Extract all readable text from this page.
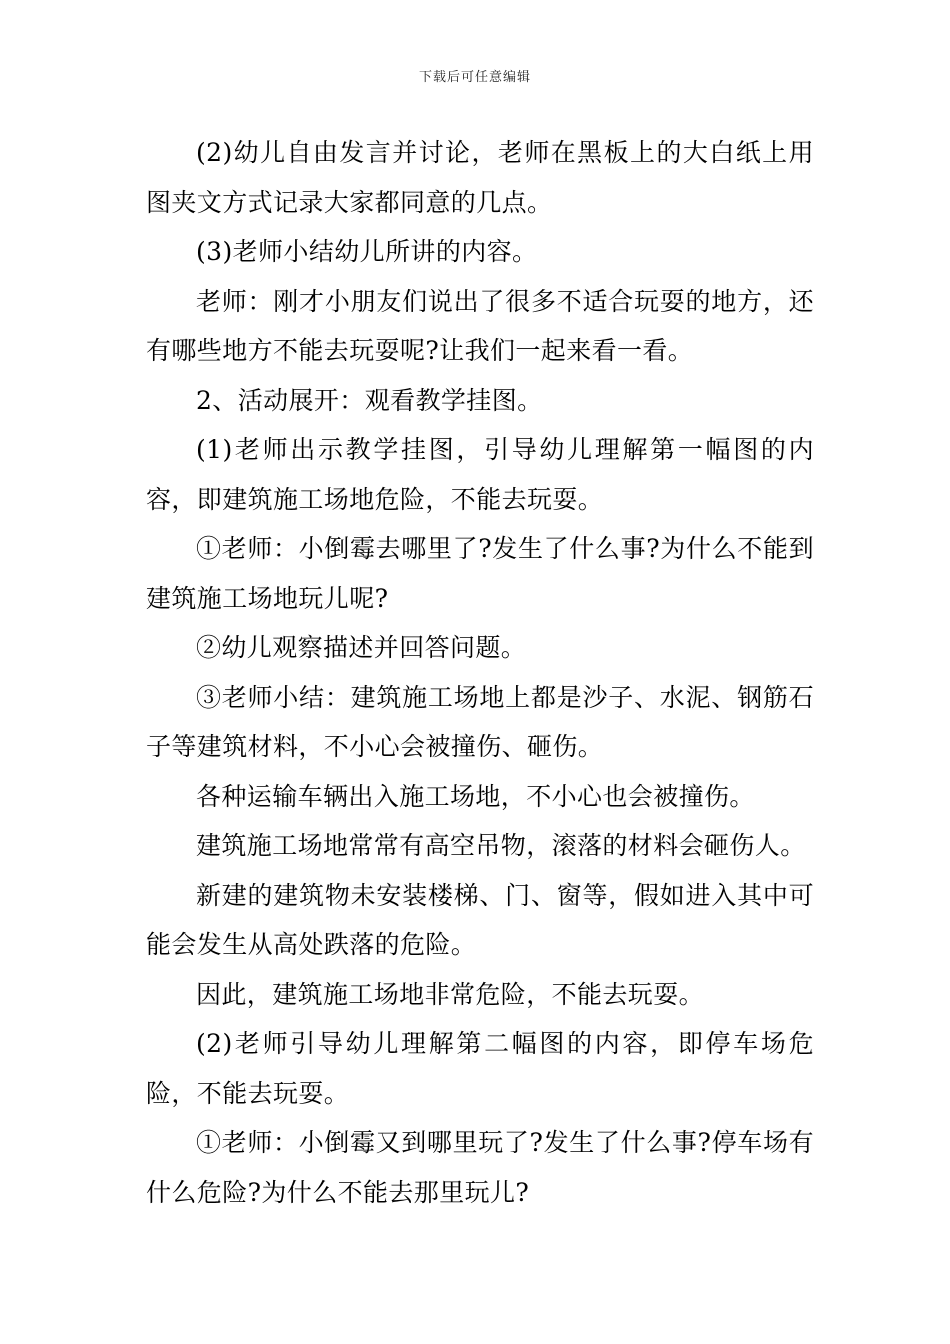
下载后可任意编辑

(2)幼儿自由发言并讨论，老师在黑板上的大白纸上用图夹文方式记录大家都同意的几点。

(3)老师小结幼儿所讲的内容。

老师：刚才小朋友们说出了很多不适合玩耍的地方，还有哪些地方不能去玩耍呢?让我们一起来看一看。

2、活动展开：观看教学挂图。

(1)老师出示教学挂图，引导幼儿理解第一幅图的内容，即建筑施工场地危险，不能去玩耍。

①老师：小倒霉去哪里了?发生了什么事?为什么不能到建筑施工场地玩儿呢?

②幼儿观察描述并回答问题。

③老师小结：建筑施工场地上都是沙子、水泥、钢筋石子等建筑材料，不小心会被撞伤、砸伤。

各种运输车辆出入施工场地，不小心也会被撞伤。

建筑施工场地常常有高空吊物，滚落的材料会砸伤人。

新建的建筑物未安装楼梯、门、窗等，假如进入其中可能会发生从高处跌落的危险。

因此，建筑施工场地非常危险，不能去玩耍。

(2)老师引导幼儿理解第二幅图的内容，即停车场危险，不能去玩耍。

①老师：小倒霉又到哪里玩了?发生了什么事?停车场有什么危险?为什么不能去那里玩儿?
